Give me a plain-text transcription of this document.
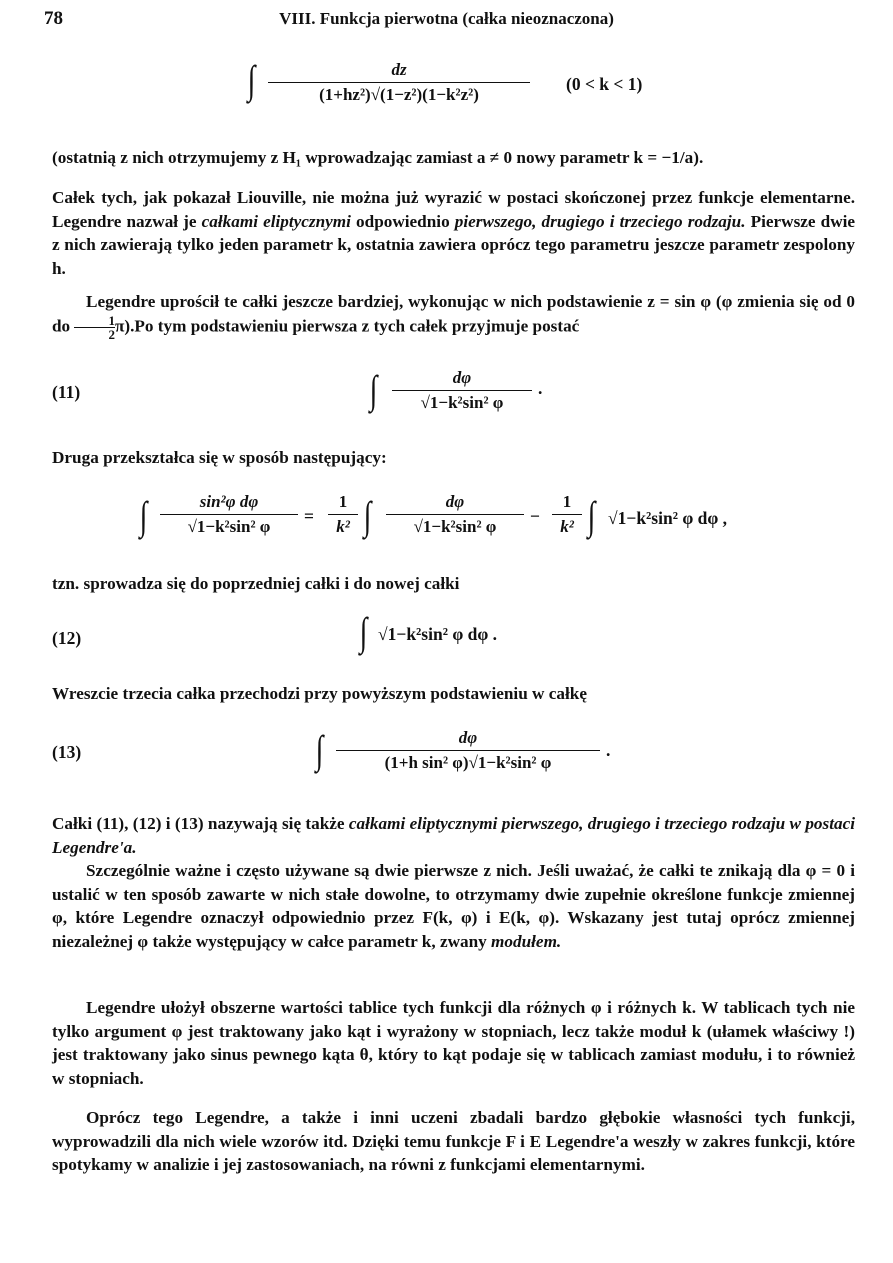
78	VIII. Funkcja pierwotna (całka nieoznaczona)
∫ $\frac{dz}{\text{(1+hz²)√(1−z²)(1−k²z²)}} (0 < k < 1)$
(ostatnią z nich otrzymujemy z H₁ wprowadzając zamiast a ≠ 0 nowy parametr k = −1/a).
Całek tych, jak pokazał Liouville, nie można już wyrazić w postaci skończonej przez funkcje elementarne. Legendre nazwał je całkami eliptycznymi odpowiednio pierwszego, drugiego i trzeciego rodzaju. Pierwsze dwie z nich zawierają tylko jeden parametr k, ostatnia zawiera oprócz tego parametru jeszcze parametr zespolony h.
Legendre uprościł te całki jeszcze bardziej, wykonując w nich podstawienie z = sin φ (φ zmienia się od 0 do $\frac{1}{2} \pi).Po$ tym podstawieniu pierwsza z tych całek przyjmuje postać
(11)	∫ $\frac{d\varphi}{\text{√1−k²sin² φ}}$ .
Druga przekształca się w sposób następujący:
∫ $\frac{\text{sin²φ dφ}}{\text{√1−k²sin² φ}} = \frac{1}{\text{k²}}$ ∫ $\frac{d\varphi}{\text{√1−k²sin² φ}} - \frac{1}{\text{k²}}$ ∫ √1−k²sin² φ dφ ,
tzn. sprowadza się do poprzedniej całki i do nowej całki
(12)	∫ √1−k²sin² φ dφ .
Wreszcie trzecia całka przechodzi przy powyższym podstawieniu w całkę
(13)	∫ $\frac{d\varphi}{\text{(1+h sin² φ)√1−k²sin² φ}}$ .
Całki (11), (12) i (13) nazywają się także całkami eliptycznymi pierwszego, drugiego i trzeciego rodzaju w postaci Legendre'a.
Szczególnie ważne i często używane są dwie pierwsze z nich. Jeśli uważać, że całki te znikają dla φ = 0 i ustalić w ten sposób zawarte w nich stałe dowolne, to otrzymamy dwie zupełnie określone funkcje zmiennej φ, które Legendre oznaczył odpowiednio przez F(k, φ) i E(k, φ). Wskazany jest tutaj oprócz zmiennej niezależnej φ także występujący w całce parametr k, zwany modułem.
Legendre ułożył obszerne wartości tablice tych funkcji dla różnych φ i różnych k. W tablicach tych nie tylko argument φ jest traktowany jako kąt i wyrażony w stopniach, lecz także moduł k (ułamek właściwy !) jest traktowany jako sinus pewnego kąta θ, który to kąt podaje się w tablicach zamiast modułu, i to również w stopniach.
Oprócz tego Legendre, a także i inni uczeni zbadali bardzo głębokie własności tych funkcji, wyprowadzili dla nich wiele wzorów itd. Dzięki temu funkcje F i E Legendre'a weszły w zakres funkcji, które spotykamy w analizie i jej zastosowaniach, na równi z funkcjami elementarnymi.
